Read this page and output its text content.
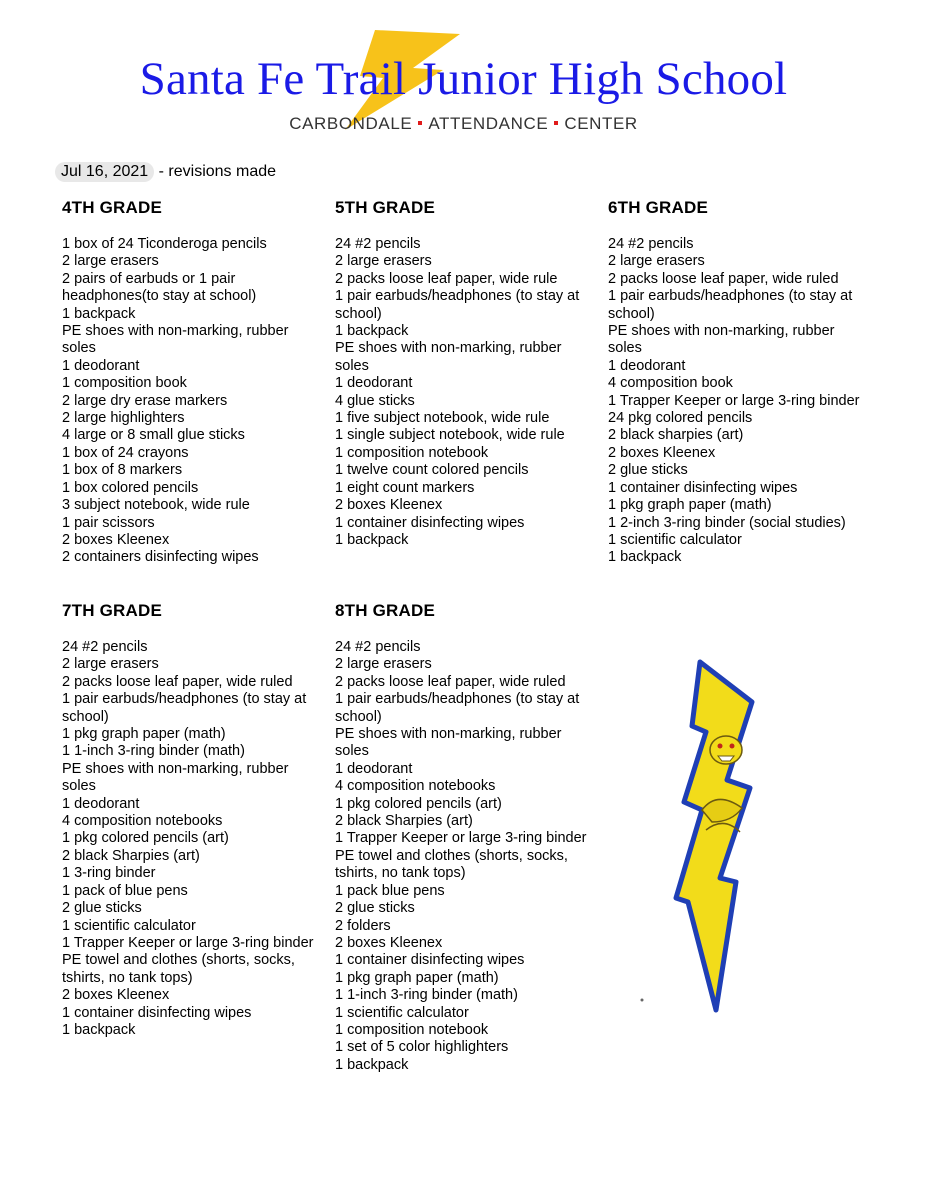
Santa Fe Trail Junior High School
CARBONDALE ATTENDANCE CENTER
Jul 16, 2021 - revisions made
4TH GRADE
1 box of 24 Ticonderoga pencils
2 large erasers
2 pairs of earbuds or 1 pair headphones(to stay at school)
1 backpack
PE shoes with non-marking, rubber soles
1 deodorant
1 composition book
2 large dry erase markers
2 large highlighters
4 large or 8 small glue sticks
1 box of 24 crayons
1 box of 8 markers
1 box colored pencils
3 subject notebook, wide rule
1 pair scissors
2 boxes Kleenex
2 containers disinfecting wipes
5TH GRADE
24 #2 pencils
2 large erasers
2 packs loose leaf paper, wide rule
1 pair earbuds/headphones (to stay at school)
1 backpack
PE shoes with non-marking, rubber soles
1 deodorant
4 glue sticks
1 five subject notebook, wide rule
1 single subject notebook, wide rule
1 composition notebook
1 twelve count colored pencils
1 eight count markers
2 boxes Kleenex
1 container disinfecting wipes
1 backpack
6TH GRADE
24 #2 pencils
2 large erasers
2 packs loose leaf paper, wide ruled
1 pair earbuds/headphones (to stay at school)
PE shoes with non-marking, rubber soles
1 deodorant
4 composition book
1 Trapper Keeper or large 3-ring binder
24 pkg colored pencils
2 black sharpies (art)
2 boxes Kleenex
2 glue sticks
1 container disinfecting wipes
1 pkg graph paper (math)
1 2-inch 3-ring binder (social studies)
1 scientific calculator
1 backpack
7TH GRADE
24 #2 pencils
2 large erasers
2 packs loose leaf paper, wide ruled
1 pair earbuds/headphones (to stay at school)
1 pkg graph paper (math)
1 1-inch 3-ring binder (math)
PE shoes with non-marking, rubber soles
1 deodorant
4 composition notebooks
1 pkg colored pencils (art)
2 black Sharpies (art)
1 3-ring binder
1 pack of blue pens
2 glue sticks
1 scientific calculator
1 Trapper Keeper or large 3-ring binder
PE towel and clothes (shorts, socks, tshirts, no tank tops)
2 boxes Kleenex
1 container disinfecting wipes
1 backpack
8TH GRADE
24 #2 pencils
2 large erasers
2 packs loose leaf paper, wide ruled
1 pair earbuds/headphones (to stay at school)
PE shoes with non-marking, rubber soles
1 deodorant
4 composition notebooks
1 pkg colored pencils (art)
2 black Sharpies (art)
1 Trapper Keeper or large 3-ring binder
PE towel and clothes (shorts, socks, tshirts, no tank tops)
1 pack blue pens
2 glue sticks
2 folders
2 boxes Kleenex
1 container disinfecting wipes
1 pkg graph paper (math)
1 1-inch 3-ring binder (math)
1 scientific calculator
1 composition notebook
1 set of 5 color highlighters
1 backpack
